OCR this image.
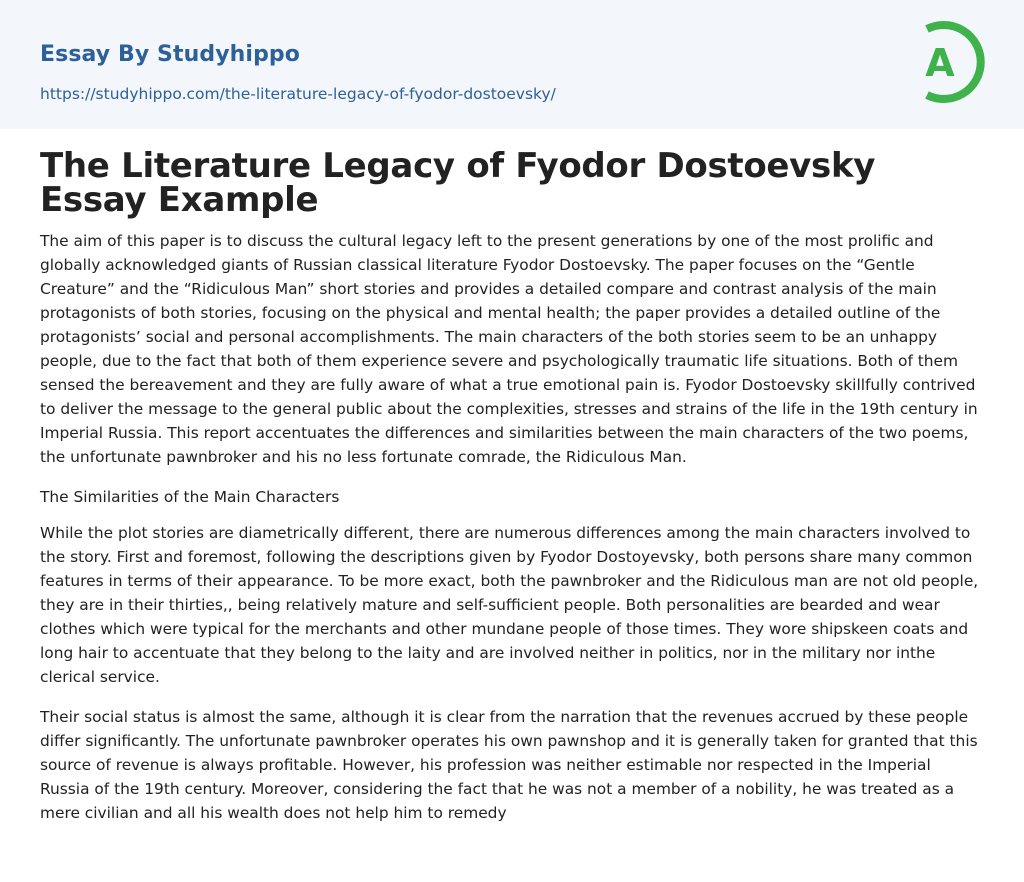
Essay By Studyhippo
https://studyhippo.com/the-literature-legacy-of-fyodor-dostoevsky/
A
The Literature Legacy of Fyodor Dostoevsky
Essay Example

The aim of this paper is to discuss the cultural legacy left to the present generations by one of the most prolific and globally acknowledged giants of Russian classical literature Fyodor Dostoevsky. The paper focuses on the “Gentle Creature” and the “Ridiculous Man” short stories and provides a detailed compare and contrast analysis of the main protagonists of both stories, focusing on the physical and mental health; the paper provides a detailed outline of the protagonists’ social and personal accomplishments. The main characters of the both stories seem to be an unhappy people, due to the fact that both of them experience severe and psychologically traumatic life situations. Both of them sensed the bereavement and they are fully aware of what a true emotional pain is. Fyodor Dostoevsky skillfully contrived to deliver the message to the general public about the complexities, stresses and strains of the life in the 19th century in Imperial Russia. This report accentuates the differences and similarities between the main characters of the two poems, the unfortunate pawnbroker and his no less fortunate comrade, the Ridiculous Man.

The Similarities of the Main Characters

While the plot stories are diametrically different, there are numerous differences among the main characters involved to the story. First and foremost, following the descriptions given by Fyodor Dostoyevsky, both persons share many common features in terms of their appearance. To be more exact, both the pawnbroker and the Ridiculous man are not old people, they are in their thirties,, being relatively mature and self-sufficient people. Both personalities are bearded and wear clothes which were typical for the merchants and other mundane people of those times. They wore shipskeen coats and long hair to accentuate that they belong to the laity and are involved neither in politics, nor in the military nor inthe clerical service.

Their social status is almost the same, although it is clear from the narration that the revenues accrued by these people differ significantly. The unfortunate pawnbroker operates his own pawnshop and it is generally taken for granted that this source of revenue is always profitable. However, his profession was neither estimable nor respected in the Imperial Russia of the 19th century. Moreover, considering the fact that he was not a member of a nobility, he was treated as a mere civilian and all his wealth does not help him to remedy
